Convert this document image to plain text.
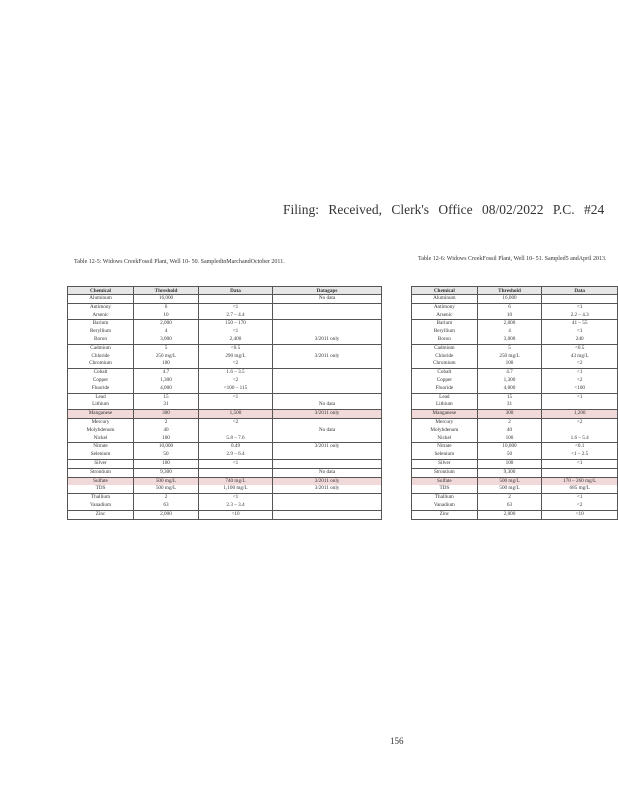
Filing: Received, Clerk's Office 08/02/2022 P.C. #24
Table 12-5: Widows CreekFossil Plant, Well 10- 50. SampledinMarchandOctober 2011.	Table 12-6: Widows CreekFossil Plant, Well 10- 51. Sampled5 andApril 2013.
Chemical	Threshold	Data	Datagaps
Aluminum	16,000		No data
Antimony	6	<1	
Arsenic	10	2.7 – 4.4	
Barium	2,000	150 – 170	
Beryllium	4	<1	
Boron	3,000	2,400	3/2011 only
Cadmium	5	<0.5	
Chloride	250 mg/L	290 mg/L	3/2011 only
Chromium	100	<2	
Cobalt	4.7	1.6 – 3.5	
Copper	1,300	<2	
Fluoride	4,000	<100 – 115	
Lead	15	<1	
Lithium	31		No data
Manganese	300	1,500	3/2011 only
Mercury	2	<2	
Molybdenum	40		No data
Nickel	100	5.8 – 7.6	
Nitrate	10,000	0.49	3/2011 only
Selenium	50	2.9 – 6.4	
Silver	100	<1	
Strontium	9,300		No data
Sulfate	500 mg/L	740 mg/L	3/2011 only
TDS	500 mg/L	1,100 mg/L	3/2011 only
Thallium	2	<1	
Vanadium	63	2.3 – 3.4	
Zinc	2,000	<10	
Chemical	Threshold	Data
Aluminum	16,000	
Antimony	6	<1
Arsenic	10	2.2 – 4.3
Barium	2,000	41 – 55
Beryllium	4	<1
Boron	3,000	240
Cadmium	5	<0.5
Chloride	250 mg/L	43 mg/L
Chromium	100	<2
Cobalt	4.7	<1
Copper	1,300	<2
Fluoride	4,000	<100
Lead	15	<1
Lithium	31	
Manganese	300	1,200
Mercury	2	<2
Molybdenum	40	
Nickel	100	1.6 – 5.4
Nitrate	10,000	<0.1
Selenium	50	<1 – 2.5
Silver	100	<1
Strontium	9,300	
Sulfate	500 mg/L	170 – 260 mg/L
TDS	500 mg/L	685 mg/L
Thallium	2	<1
Vanadium	63	<2
Zinc	2,000	<10
156
